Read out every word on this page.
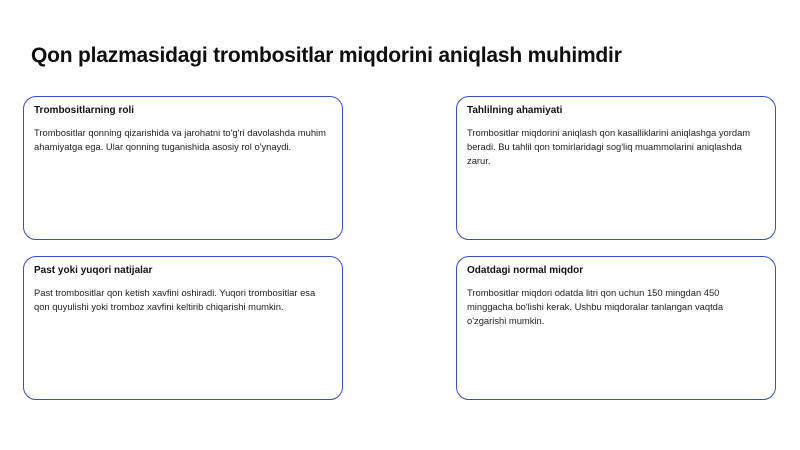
Qon plazmasidagi trombositlar miqdorini aniqlash muhimdir
Trombositlarning roli

Trombositlar qonning qizarishida va jarohatni to'g'ri davolashda muhim ahamiyatga ega. Ular qonning tuganishida asosiy rol o'ynaydi.

Tahlilning ahamiyati

Trombositlar miqdorini aniqlash qon kasalliklarini aniqlashga yordam beradi. Bu tahlil qon tomirlaridagi sog'liq muammolarini aniqlashda zarur.

Past yoki yuqori natijalar

Past trombositlar qon ketish xavfini oshiradi. Yuqori trombositlar esa qon quyulishi yoki tromboz xavfini keltirib chiqarishi mumkin.

Odatdagi normal miqdor

Trombositlar miqdori odatda litri qon uchun 150 mingdan 450 minggacha bo'lishi kerak. Ushbu miqdoralar tanlangan vaqtda o'zgarishi mumkin.
